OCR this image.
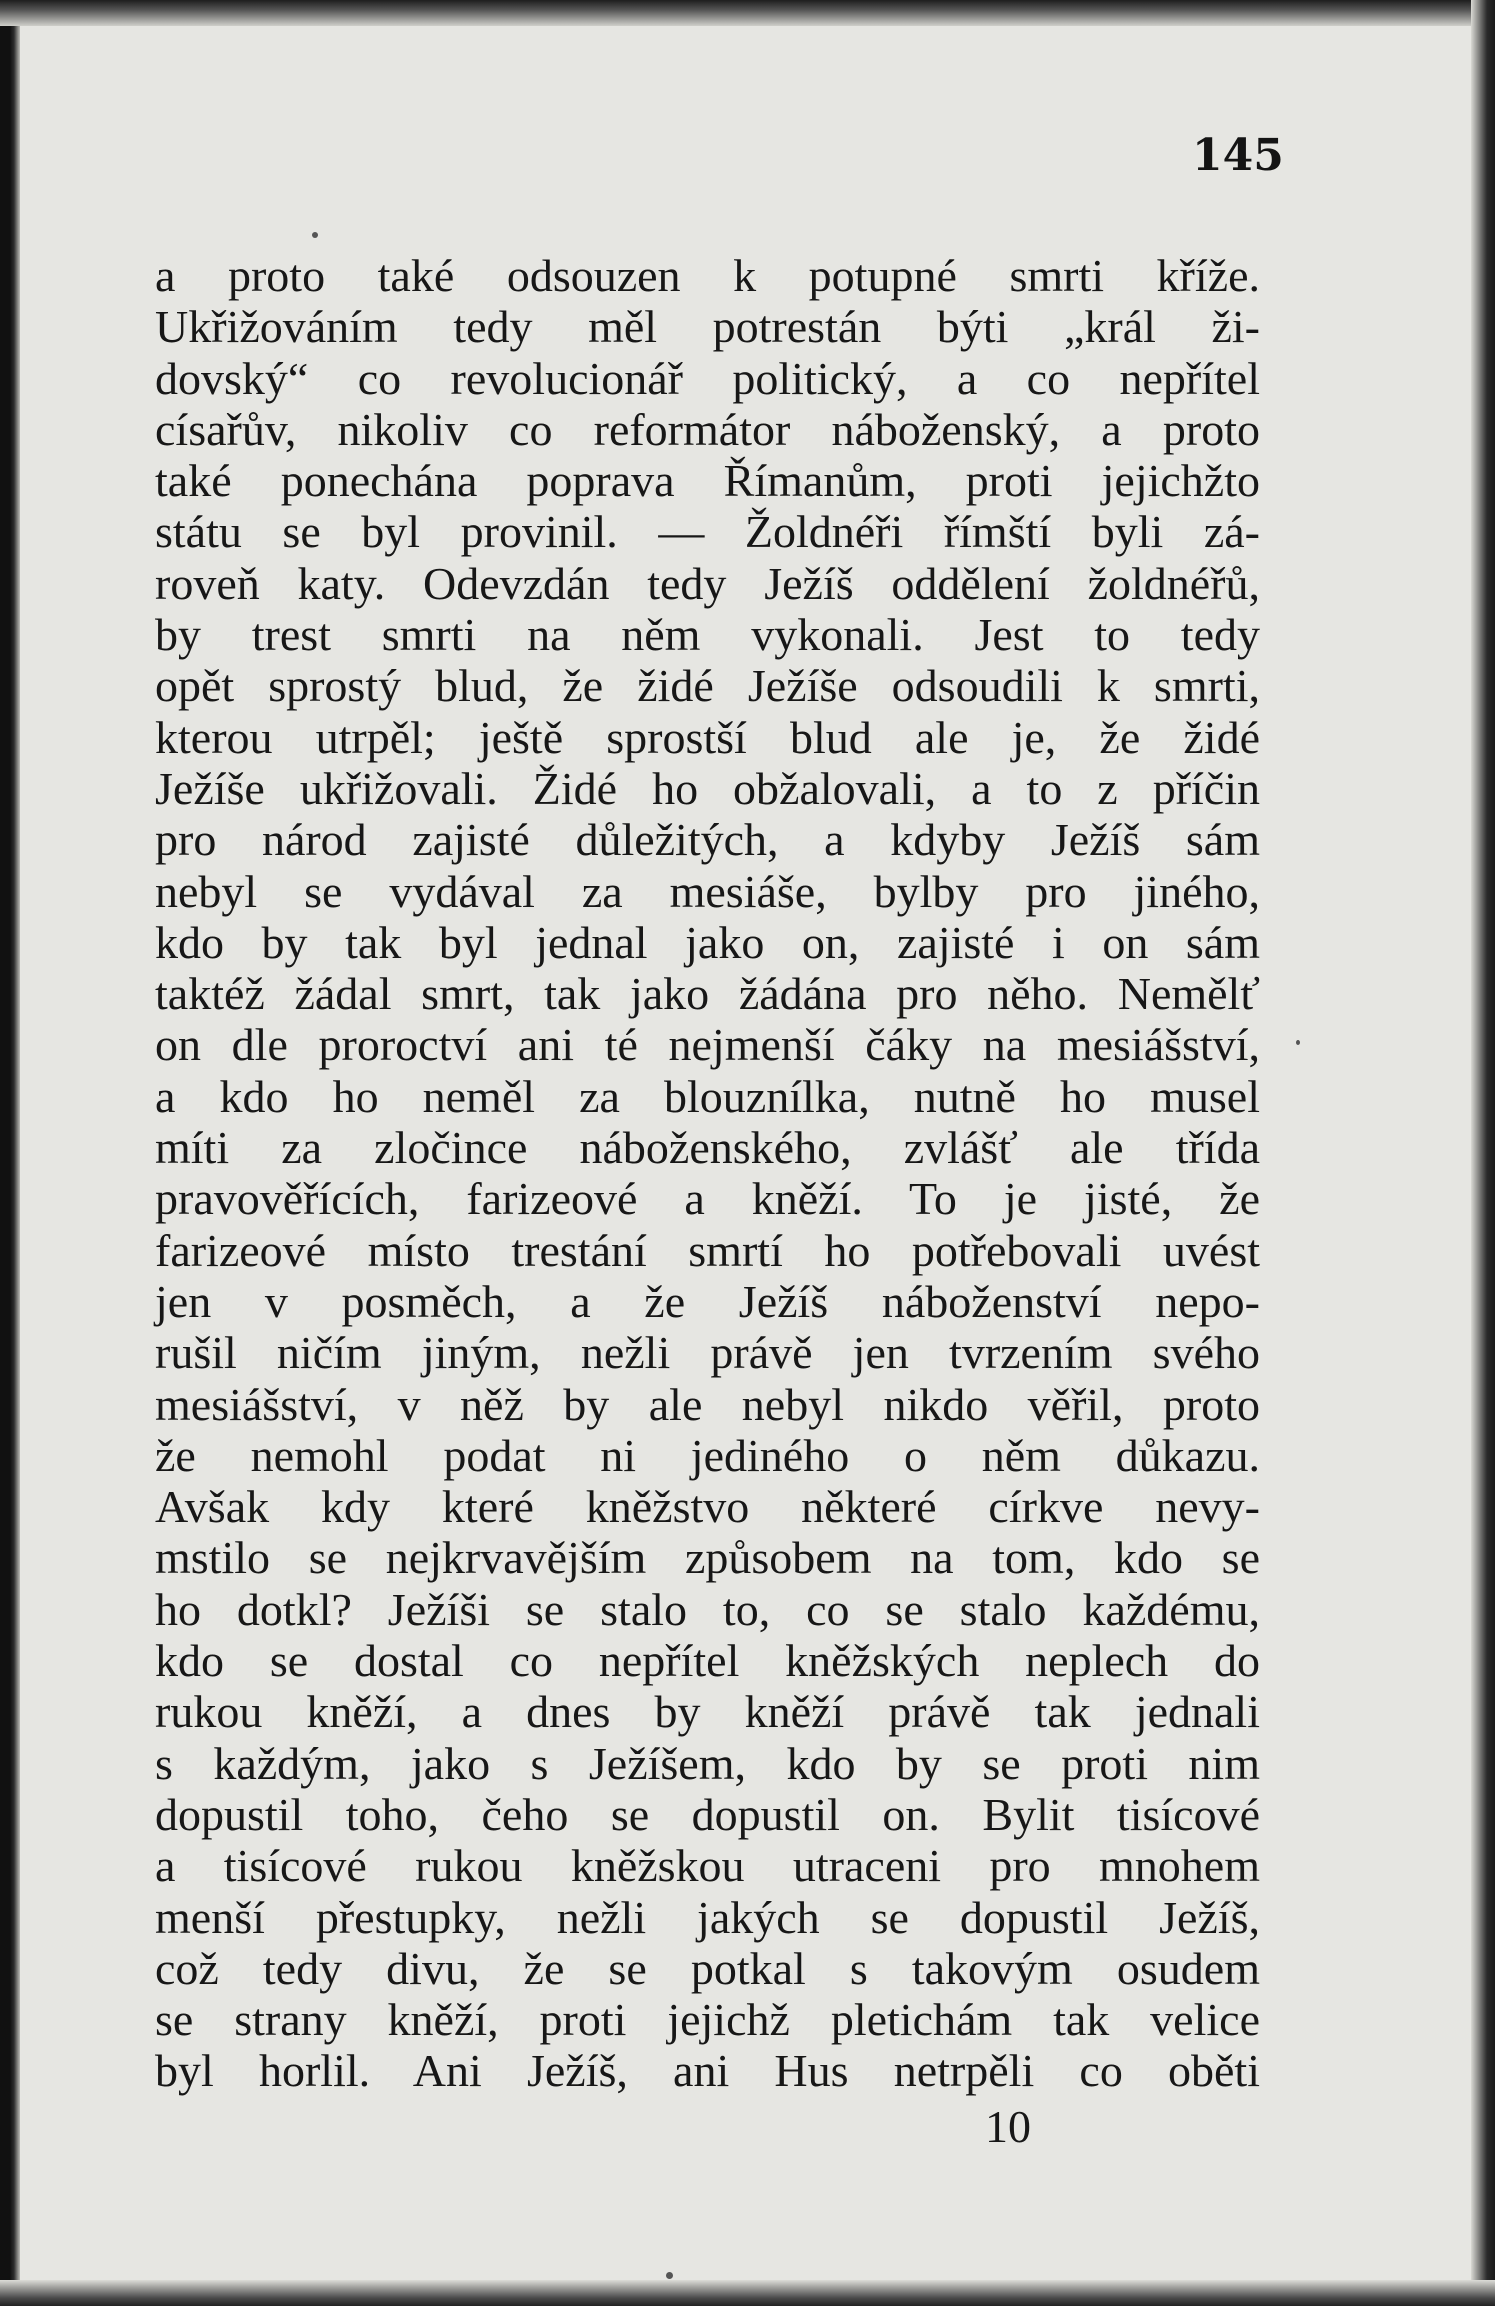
145
a proto také odsouzen k potupné smrti kříže.
Ukřižováním tedy měl potrestán býti „král ži-
dovský“ co revolucionář politický, a co nepřítel
císařův, nikoliv co reformátor náboženský, a proto
také ponechána poprava Římanům, proti jejichžto
státu se byl provinil. — Žoldnéři římští byli zá-
roveň katy. Odevzdán tedy Ježíš oddělení žoldnéřů,
by trest smrti na něm vykonali. Jest to tedy
opět sprostý blud, že židé Ježíše odsoudili k smrti,
kterou utrpěl; ještě sprostší blud ale je, že židé
Ježíše ukřižovali. Židé ho obžalovali, a to z příčin
pro národ zajisté důležitých, a kdyby Ježíš sám
nebyl se vydával za mesiáše, bylby pro jiného,
kdo by tak byl jednal jako on, zajisté i on sám
taktéž žádal smrt, tak jako žádána pro něho. Nemělť
on dle proroctví ani té nejmenší čáky na mesiášství,
a kdo ho neměl za blouznílka, nutně ho musel
míti za zločince náboženského, zvlášť ale třída
pravověřících, farizeové a kněží. To je jisté, že
farizeové místo trestání smrtí ho potřebovali uvést
jen v posměch, a že Ježíš náboženství nepo-
rušil ničím jiným, nežli právě jen tvrzením svého
mesiášství, v něž by ale nebyl nikdo věřil, proto
že nemohl podat ni jediného o něm důkazu.
Avšak kdy které kněžstvo některé církve nevy-
mstilo se nejkrvavějším způsobem na tom, kdo se
ho dotkl? Ježíši se stalo to, co se stalo každému,
kdo se dostal co nepřítel kněžských neplech do
rukou kněží, a dnes by kněží právě tak jednali
s každým, jako s Ježíšem, kdo by se proti nim
dopustil toho, čeho se dopustil on. Bylit tisícové
a tisícové rukou kněžskou utraceni pro mnohem
menší přestupky, nežli jakých se dopustil Ježíš,
což tedy divu, že se potkal s takovým osudem
se strany kněží, proti jejichž pletichám tak velice
byl horlil. Ani Ježíš, ani Hus netrpěli co oběti
10
